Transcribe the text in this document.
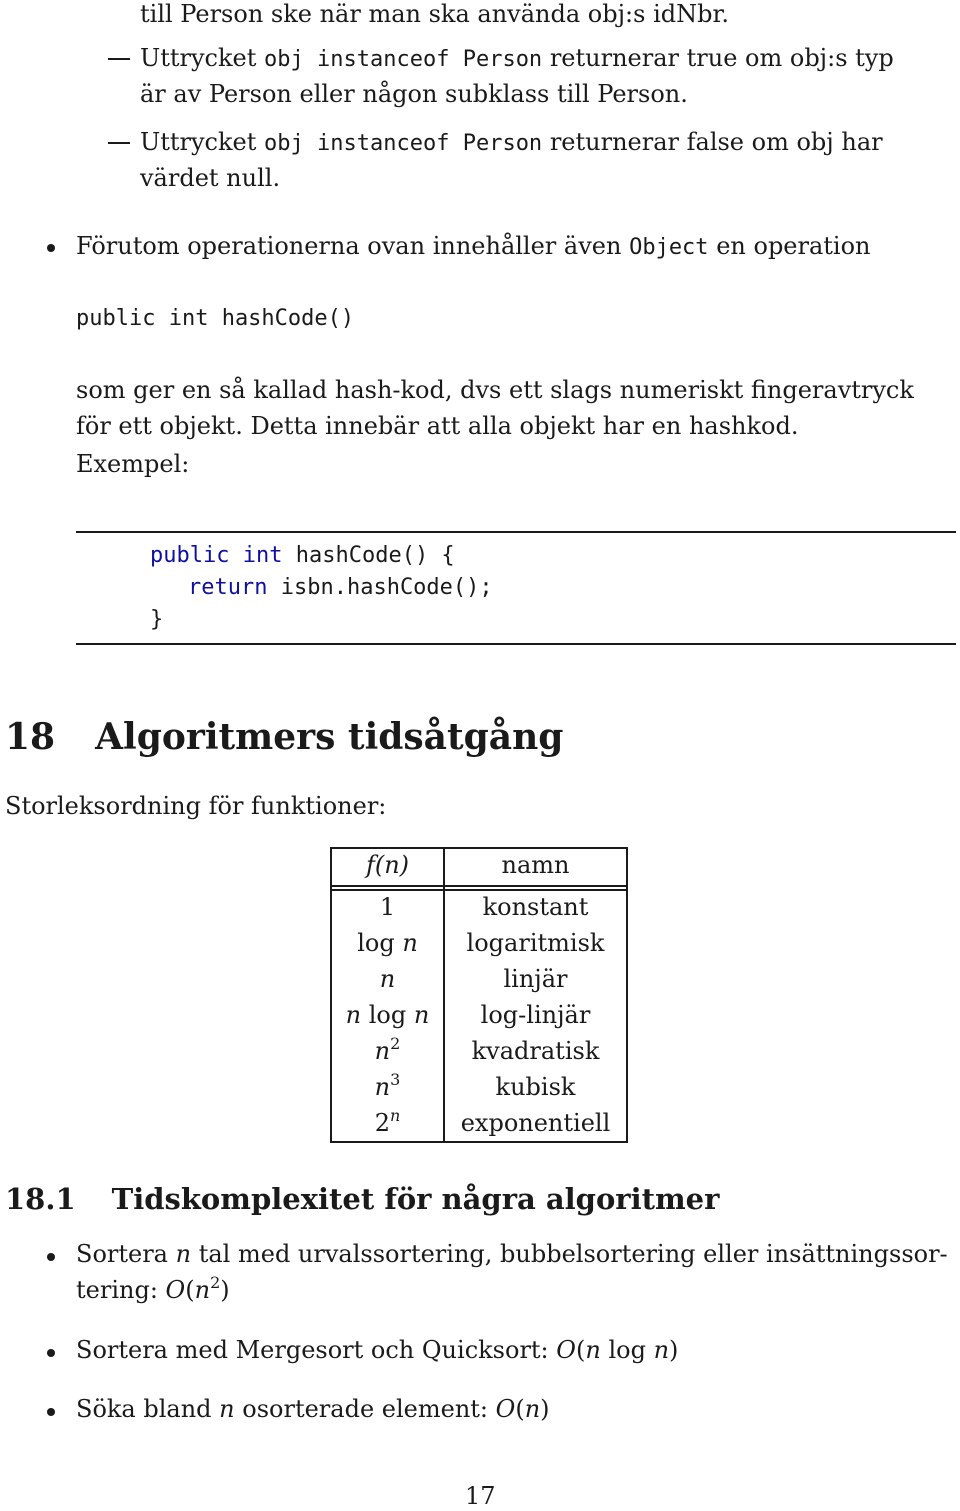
till Person ske när man ska använda obj:s idNbr.
Uttrycket obj instanceof Person returnerar true om obj:s typ
är av Person eller någon subklass till Person.
Uttrycket obj instanceof Person returnerar false om obj har
värdet null.
Förutom operationerna ovan innehåller även Object en operation
public int hashCode()
som ger en så kallad hash-kod, dvs ett slags numeriskt fingeravtryck
för ett objekt. Detta innebär att alla objekt har en hashkod.
Exempel:
public int hashCode() {
return isbn.hashCode();
}
18 Algoritmers tidsåtgång
Storleksordning för funktioner:
f(n)	namn
1	konstant
log n	logaritmisk
n	linjär
n log n	log-linjär
$n^2$	kvadratisk
$n^3$	kubisk
2$^n$	exponentiell
18.1 Tidskomplexitet för några algoritmer
Sortera n tal med urvalssortering, bubbelsortering eller insättningssor-
tering: $O(n^2)$
Sortera med Mergesort och Quicksort: O(n log n)
Söka bland n osorterade element: O(n)
17
